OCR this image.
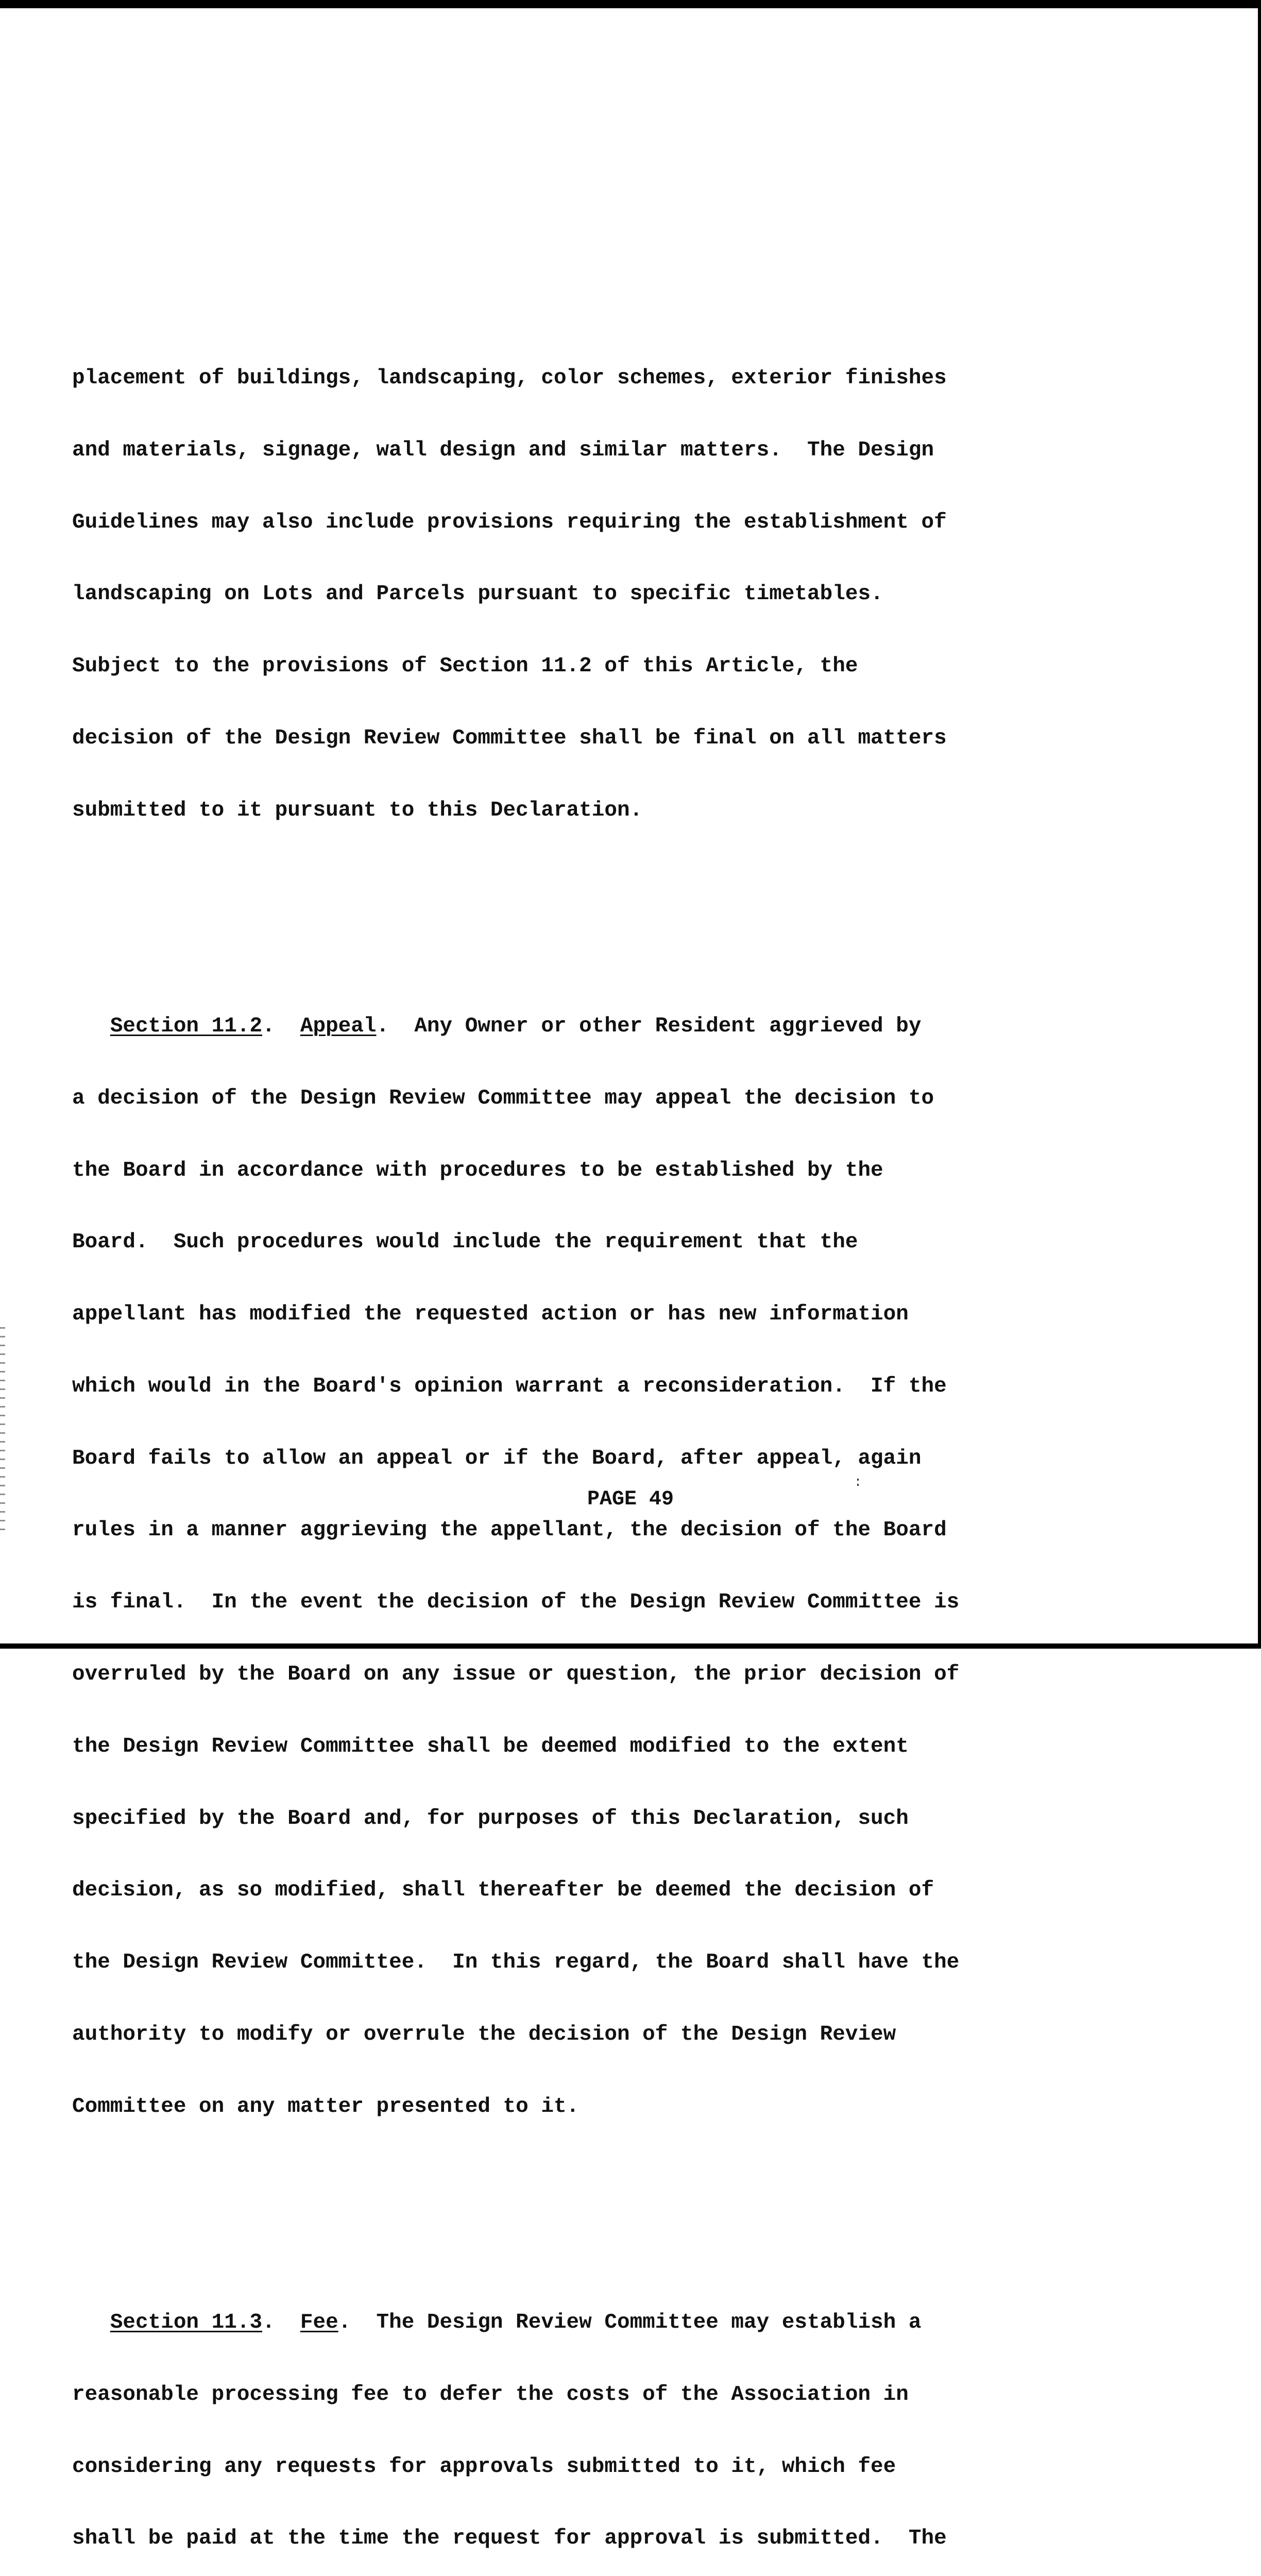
placement of buildings, landscaping, color schemes, exterior finishes

and materials, signage, wall design and similar matters.  The Design

Guidelines may also include provisions requiring the establishment of

landscaping on Lots and Parcels pursuant to specific timetables.

Subject to the provisions of Section 11.2 of this Article, the

decision of the Design Review Committee shall be final on all matters

submitted to it pursuant to this Declaration.

Section 11.2.  Appeal.  Any Owner or other Resident aggrieved by

a decision of the Design Review Committee may appeal the decision to

the Board in accordance with procedures to be established by the

Board.  Such procedures would include the requirement that the

appellant has modified the requested action or has new information

which would in the Board's opinion warrant a reconsideration.  If the

Board fails to allow an appeal or if the Board, after appeal, again

rules in a manner aggrieving the appellant, the decision of the Board

is final.  In the event the decision of the Design Review Committee is

overruled by the Board on any issue or question, the prior decision of

the Design Review Committee shall be deemed modified to the extent

specified by the Board and, for purposes of this Declaration, such

decision, as so modified, shall thereafter be deemed the decision of

the Design Review Committee.  In this regard, the Board shall have the

authority to modify or overrule the decision of the Design Review

Committee on any matter presented to it.

Section 11.3.  Fee.  The Design Review Committee may establish a

reasonable processing fee to defer the costs of the Association in

considering any requests for approvals submitted to it, which fee

shall be paid at the time the request for approval is submitted.  The

PAGE 49
